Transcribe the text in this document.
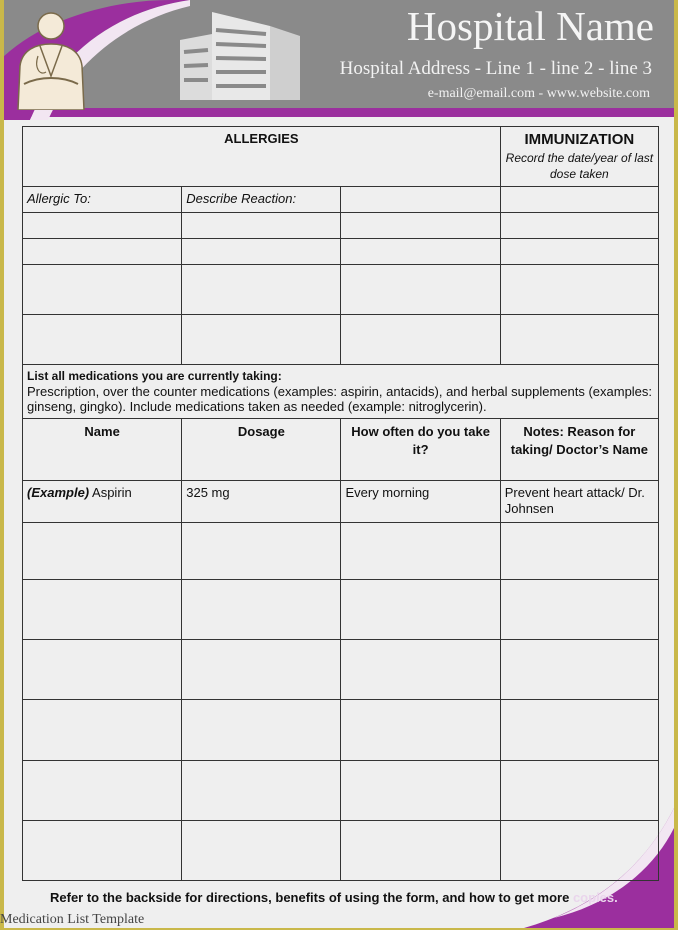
Hospital Name
Hospital Address - Line 1 - line 2 - line 3
e-mail@email.com - www.website.com
ALLERGIES			IMMUNIZATION
Record the date/year of last dose taken

Allergic To:	Describe Reaction:		

List all medications you are currently taking:
Prescription, over the counter medications (examples: aspirin, antacids), and herbal supplements (examples: ginseng, gingko). Include medications taken as needed (example: nitroglycerin).			
Name	Dosage	How often do you take it?	Notes: Reason for taking/ Doctor’s Name
(Example) Aspirin	325 mg	Every morning	Prevent heart attack/ Dr. Johnsen

Refer to the backside for directions, benefits of using the form, and how to get more copies.
Medication List Template
